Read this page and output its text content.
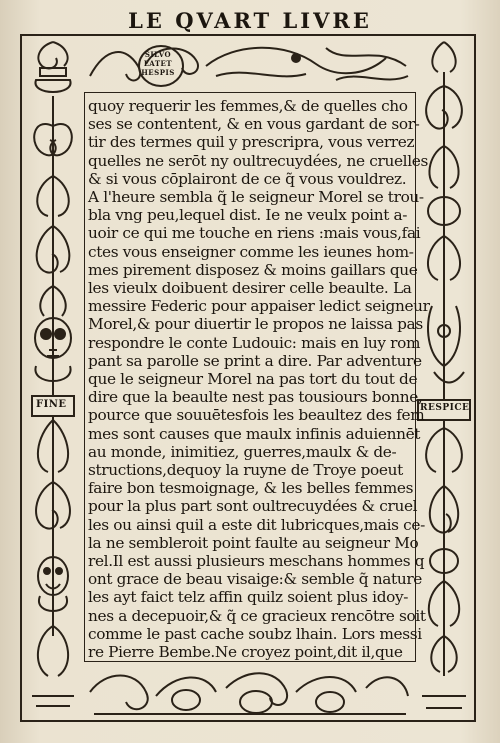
LE QVART LIVRE
FINE	RESPICE
SILVO LATET HESPIS
quoy requerir les femmes,& de quelles cho
ses se contentent, & en vous gardant de sor-
tir des termes quil y prescripra, vous verrez
quelles ne serōt ny oultrecuydées, ne cruelles
& si vous cōplairont de ce q̃ vous vouldrez.
A l'heure sembla q̃ le seigneur Morel se trou-
bla vng peu,lequel dist. Ie ne veulx point a-
uoir ce qui me touche en riens :mais vous,fai
ctes vous enseigner comme les ieunes hom-
mes pirement disposez & moins gaillars que
les vieulx doibuent desirer celle beaulte. La
messire Federic pour appaiser ledict seigneur
Morel,& pour diuertir le propos ne laissa pas
respondre le conte Ludouic: mais en luy rom
pant sa parolle se print a dire. Par adventure
que le seigneur Morel na pas tort du tout de
dire que la beaulte nest pas tousiours bonne,
pource que souuētesfois les beaultez des fem
mes sont causes que maulx infinis aduiennēt
au monde, inimitiez, guerres,maulx & de-
structions,dequoy la ruyne de Troye poeut
faire bon tesmoignage, & les belles femmes
pour la plus part sont oultrecuydées & cruel
les ou ainsi quil a este dit lubricques,mais ce-
la ne sembleroit point faulte au seigneur Mo
rel.Il est aussi plusieurs meschans hommes q
ont grace de beau visaige:& semble q̃ nature
les ayt faict telz affin quilz soient plus idoy-
nes a decepuoir,& q̃ ce gracieux rencōtre soit
comme le past cache soubz lhain. Lors messi
re Pierre Bembe.Ne croyez point,dit il,que
